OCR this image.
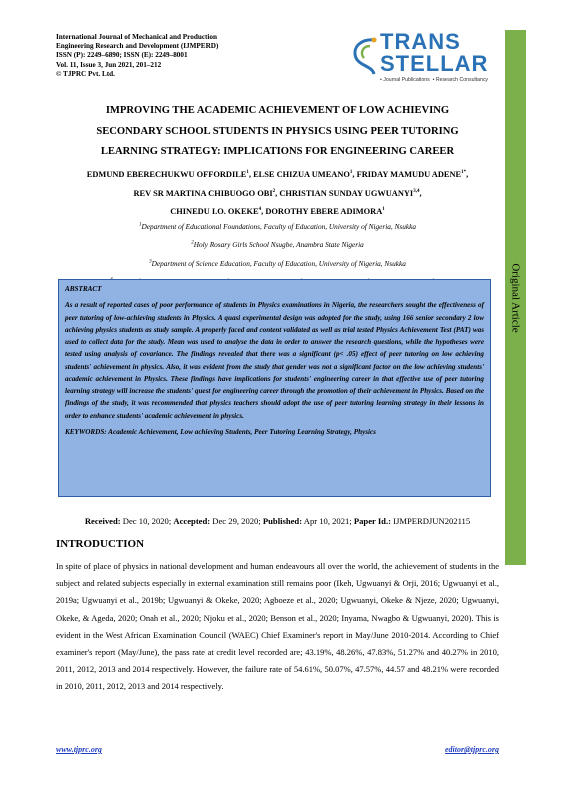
International Journal of Mechanical and Production
Engineering Research and Development (IJMPERD)
ISSN (P): 2249–6890; ISSN (E): 2249–8001
Vol. 11, Issue 3, Jun 2021, 201–212
© TJPRC Pvt. Ltd.
TRANS
STELLAR
• Journal Publications • Research Consultancy
Original Article
IMPROVING THE ACADEMIC ACHIEVEMENT OF LOW ACHIEVING
SECONDARY SCHOOL STUDENTS IN PHYSICS USING PEER TUTORING
LEARNING STRATEGY: IMPLICATIONS FOR ENGINEERING CAREER
EDMUND EBERECHUKWU OFFORDILE$^1$, ELSE CHIZUA UMEANO$^1$, FRIDAY MAMUDU $ADENE^{1*}$,
REV SR MARTINA CHIBUOGO OBI$^2$, CHRISTIAN SUNDAY UGWUANYI$^{3,4}$,
CHINEDU I.O. OKEKE$^4$, DOROTHY EBERE ADIMORA$^1$
$^1$Department of Educational Foundations, Faculty of Education, University of Nigeria, Nsukka
$^2$Holy Rosary Girls School Nsugbe, Anambra State Nigeria
$^3$Department of Science Education, Faculty of Education, University of Nigeria, Nsukka
ABSTRACT
As a result of reported cases of poor performance of students in Physics examinations in Nigeria, the researchers sought the effectiveness of peer tutoring of low-achieving students in Physics. A quasi experimental design was adopted for the study, using 166 senior secondary 2 low achieving physics students as study sample. A properly faced and content validated as well as trial tested Physics Achievement Test (PAT) was used to collect data for the study. Mean was used to analyse the data in order to answer the research questions, while the hypotheses were tested using analysis of covariance. The findings revealed that there was a significant (p< .05) effect of peer tutoring on low achieving students' achievement in physics. Also, it was evident from the study that gender was not a significant factor on the low achieving students' academic achievement in Physics. These findings have implications for students' engineering career in that effective use of peer tutoring learning strategy will increase the students' quest for engineering career through the promotion of their achievement in Physics. Based on the findings of the study, it was recommended that physics teachers should adopt the use of peer tutoring learning strategy in their lessons in order to enhance students' academic achievement in physics.
KEYWORDS: Academic Achievement, Low achieving Students, Peer Tutoring Learning Strategy, Physics
Received: Dec 10, 2020; Accepted: Dec 29, 2020; Published: Apr 10, 2021; Paper Id.: IJMPERDJUN202115
INTRODUCTION
In spite of place of physics in national development and human endeavours all over the world, the achievement of students in the subject and related subjects especially in external examination still remains poor (Ikeh, Ugwuanyi & Orji, 2016; Ugwuanyi et al., 2019a; Ugwuanyi et al., 2019b; Ugwuanyi & Okeke, 2020; Agboeze et al., 2020; Ugwuanyi, Okeke & Njeze, 2020; Ugwuanyi, Okeke, & Ageda, 2020; Onah et al., 2020; Njoku et al., 2020; Benson et al., 2020; Inyama, Nwagbo & Ugwuanyi, 2020). This is evident in the West African Examination Council (WAEC) Chief Examiner's report in May/June 2010-2014. According to Chief examiner's report (May/June), the pass rate at credit level recorded are; 43.19%, 48.26%, 47.83%, 51.27% and 40.27% in 2010, 2011, 2012, 2013 and 2014 respectively. However, the failure rate of 54.61%, 50.07%, 47.57%, 44.57 and 48.21% were recorded in 2010, 2011, 2012, 2013 and 2014 respectively.
www.tjprc.org	editor@tjprc.org
